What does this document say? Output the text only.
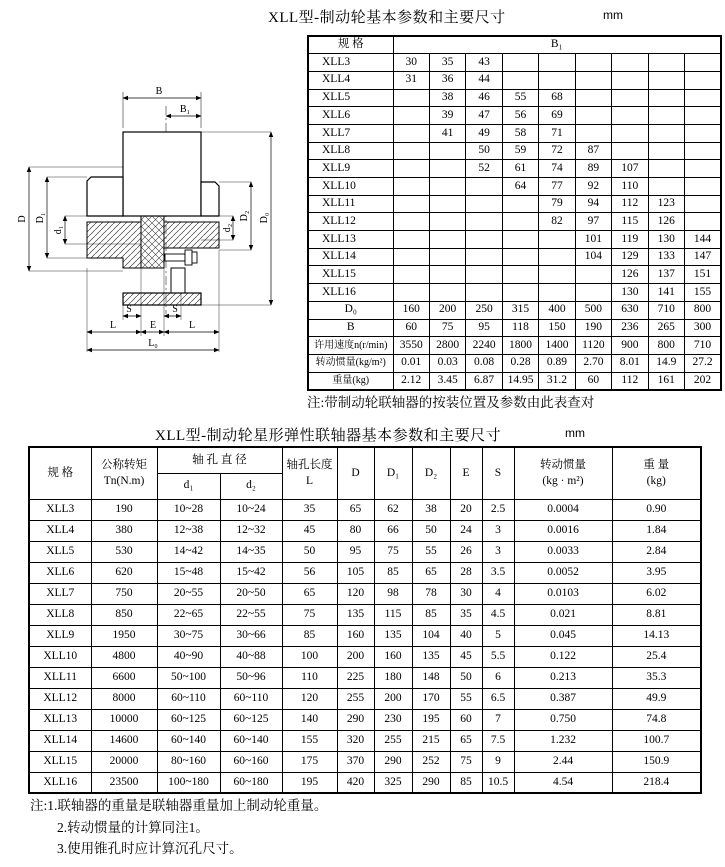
XLL型-制动轮基本参数和主要尺寸	mm
B
B₁
D D₁
d₁	d₂
D₂ D₀
S	S
L	E	L
L₀
规 格	B₁								
XLL3	30	35	43						
XLL4	31	36	44						
XLL5		38	46	55	68				
XLL6		39	47	56	69				
XLL7		41	49	58	71				
XLL8			50	59	72	87			
XLL9			52	61	74	89	107		
XLL10				64	77	92	110		
XLL11					79	94	112	123	
XLL12					82	97	115	126	
XLL13						101	119	130	144
XLL14						104	129	133	147
XLL15							126	137	151
XLL16							130	141	155
D₀	160	200	250	315	400	500	630	710	800
B	60	75	95	118	150	190	236	265	300
许用速度n(r/min)	3550	2800	2240	1800	1400	1120	900	800	710
转动惯量(kg/m²)	0.01	0.03	0.08	0.28	0.89	2.70	8.01	14.9	27.2
重量(kg)	2.12	3.45	6.87	14.95	31.2	60	112	161	202
注:带制动轮联轴器的按装位置及参数由此表查对
XLL型-制动轮星形弹性联轴器基本参数和主要尺寸	mm
规 格	
公称转矩
Tn(N.m)
	轴 孔 直 径	轴孔长度
L
	D	D₁	D₂	E	S	
转动惯量
(kg · m²)

重 量
(kg)

		d₁	d₂								
XLL3	190	10~28	10~24	35	65	62	38	20	2.5	0.0004	0.90
XLL4	380	12~38	12~32	45	80	66	50	24	3	0.0016	1.84
XLL5	530	14~42	14~35	50	95	75	55	26	3	0.0033	2.84
XLL6	620	15~48	15~42	56	105	85	65	28	3.5	0.0052	3.95
XLL7	750	20~55	20~50	65	120	98	78	30	4	0.0103	6.02
XLL8	850	22~65	22~55	75	135	115	85	35	4.5	0.021	8.81
XLL9	1950	30~75	30~66	85	160	135	104	40	5	0.045	14.13
XLL10	4800	40~90	40~88	100	200	160	135	45	5.5	0.122	25.4
XLL11	6600	50~100	50~96	110	225	180	148	50	6	0.213	35.3
XLL12	8000	60~110	60~110	120	255	200	170	55	6.5	0.387	49.9
XLL13	10000	60~125	60~125	140	290	230	195	60	7	0.750	74.8
XLL14	14600	60~140	60~140	155	320	255	215	65	7.5	1.232	100.7
XLL15	20000	80~160	60~160	175	370	290	252	75	9	2.44	150.9
XLL16	23500	100~180	60~180	195	420	325	290	85	10.5	4.54	218.4
注:1.联轴器的重量是联轴器重量加上制动轮重量。
2.转动惯量的计算同注1。
3.使用锥孔时应计算沉孔尺寸。
